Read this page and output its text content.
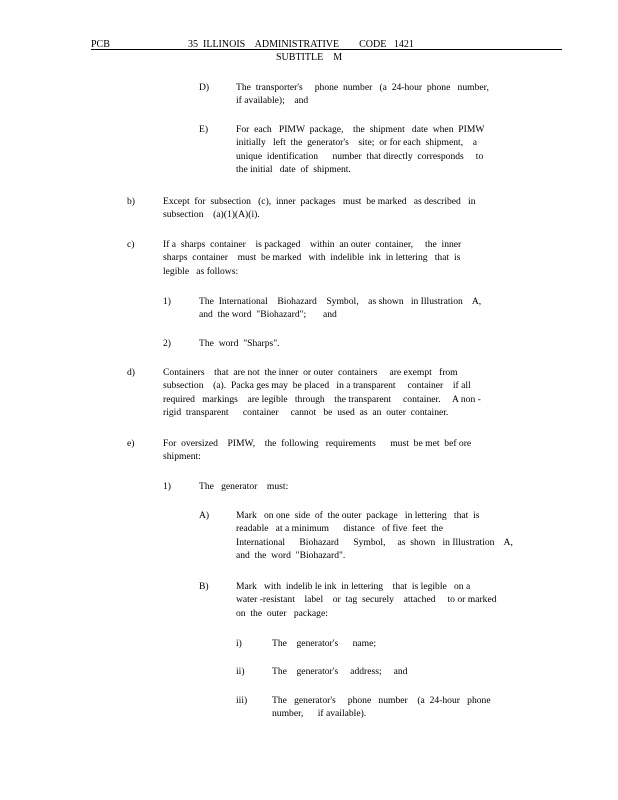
PCB	35  ILLINOIS    ADMINISTRATIVE        CODE   1421
SUBTITLE    M
D)	The  transporter's     phone  number   (a  24-hour  phone   number,
if available);    and
E)	For  each   PIMW  package,    the  shipment   date  when  PIMW
initially   left  the  generator's    site;  or for each  shipment,    a
unique  identification      number  that directly  corresponds     to
the initial   date  of  shipment.
b)	Except  for  subsection   (c),  inner  packages   must  be marked   as described   in
subsection    (a)(1)(A)(i).
c)	If a  sharps  container    is packaged    within  an outer  container,     the  inner
sharps  container    must  be marked   with  indelible  ink  in lettering   that  is
legible   as follows:
1)	The  International    Biohazard    Symbol,    as shown   in Illustration    A,
and  the word  "Biohazard";       and
2)	The  word  "Sharps".
d)	Containers    that  are not  the inner  or outer  containers     are exempt   from
subsection    (a).  Packa ges may  be placed   in a transparent     container    if all
required   markings    are legible   through    the transparent     container.     A non -
rigid  transparent      container     cannot   be  used  as  an  outer  container.
e)	For  oversized    PIMW,    the  following   requirements      must  be met  bef ore
shipment:
1)	The   generator    must:
A)	Mark   on one  side  of  the outer  package   in lettering   that  is
readable   at a minimum      distance   of five  feet  the
International      Biohazard      Symbol,     as  shown   in Illustration    A,
and  the  word  "Biohazard".
B)	Mark   with  indelib le ink  in lettering    that  is legible   on a
water -resistant    label    or  tag  securely    attached     to or marked
on  the  outer   package:
i)	The    generator's      name;
ii)	The    generator's     address;     and
iii)	The   generator's     phone   number    (a  24-hour   phone
number,      if available).
